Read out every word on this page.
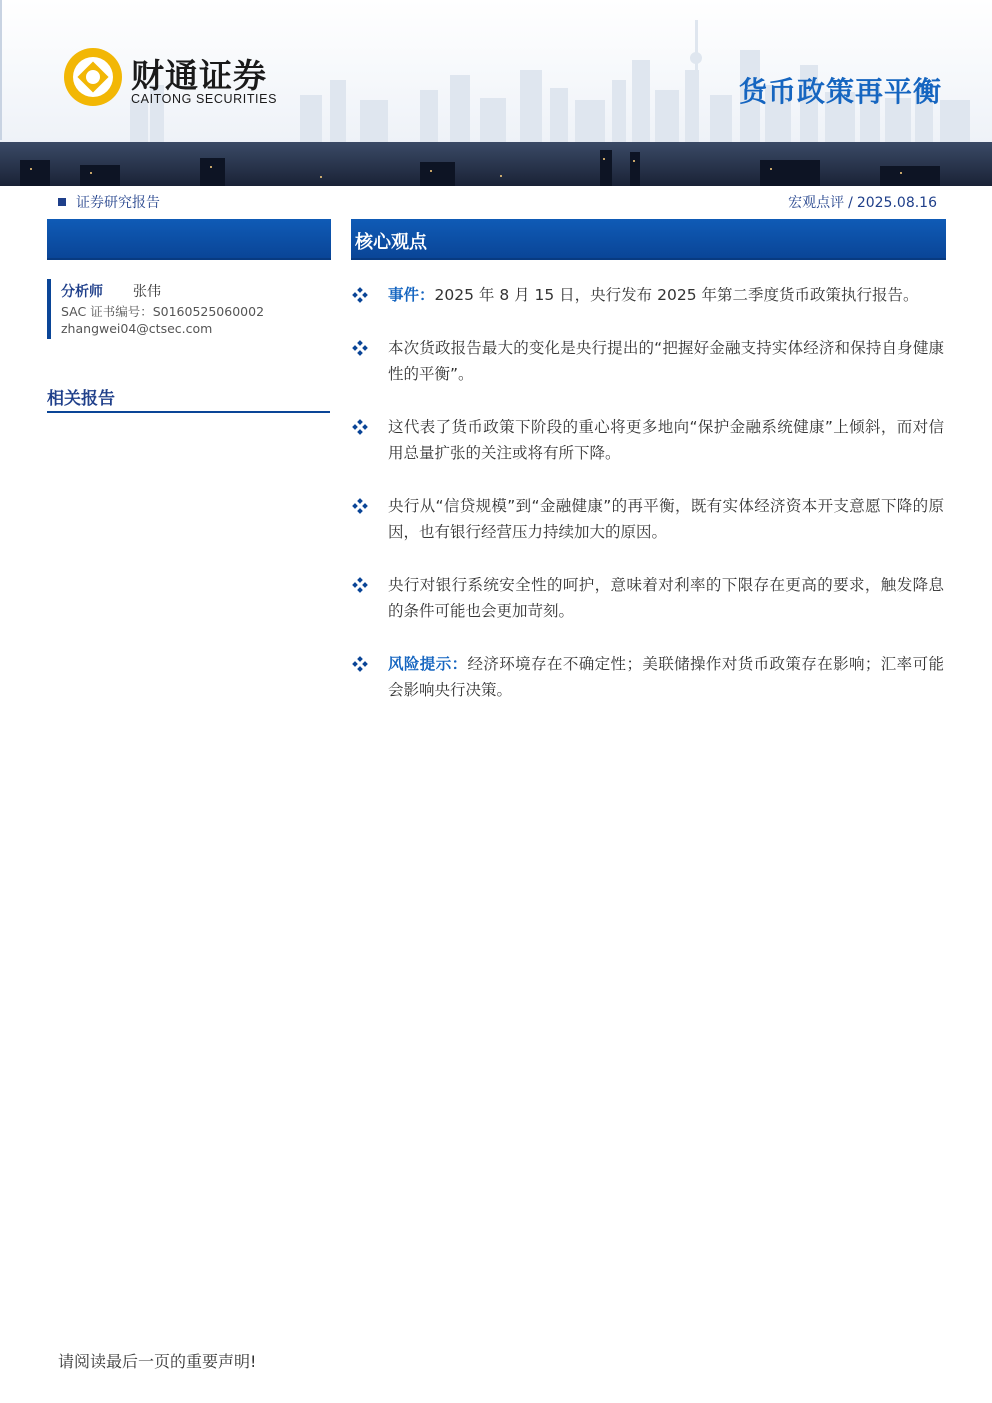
财通证券
CAITONG SECURITIES	货币政策再平衡
证券研究报告	宏观点评 / 2025.08.16
核心观点
分析师 张伟
SAC 证书编号：S0160525060002
zhangwei04@ctsec.com
相关报告
事件：2025 年 8 月 15 日，央行发布 2025 年第二季度货币政策执行报告。
本次货政报告最大的变化是央行提出的“把握好金融支持实体经济和保持自身健康性的平衡”。
这代表了货币政策下阶段的重心将更多地向“保护金融系统健康”上倾斜，而对信用总量扩张的关注或将有所下降。
央行从“信贷规模”到“金融健康”的再平衡，既有实体经济资本开支意愿下降的原因，也有银行经营压力持续加大的原因。
央行对银行系统安全性的呵护，意味着对利率的下限存在更高的要求，触发降息的条件可能也会更加苛刻。
风险提示：经济环境存在不确定性；美联储操作对货币政策存在影响；汇率可能会影响央行决策。
请阅读最后一页的重要声明!
